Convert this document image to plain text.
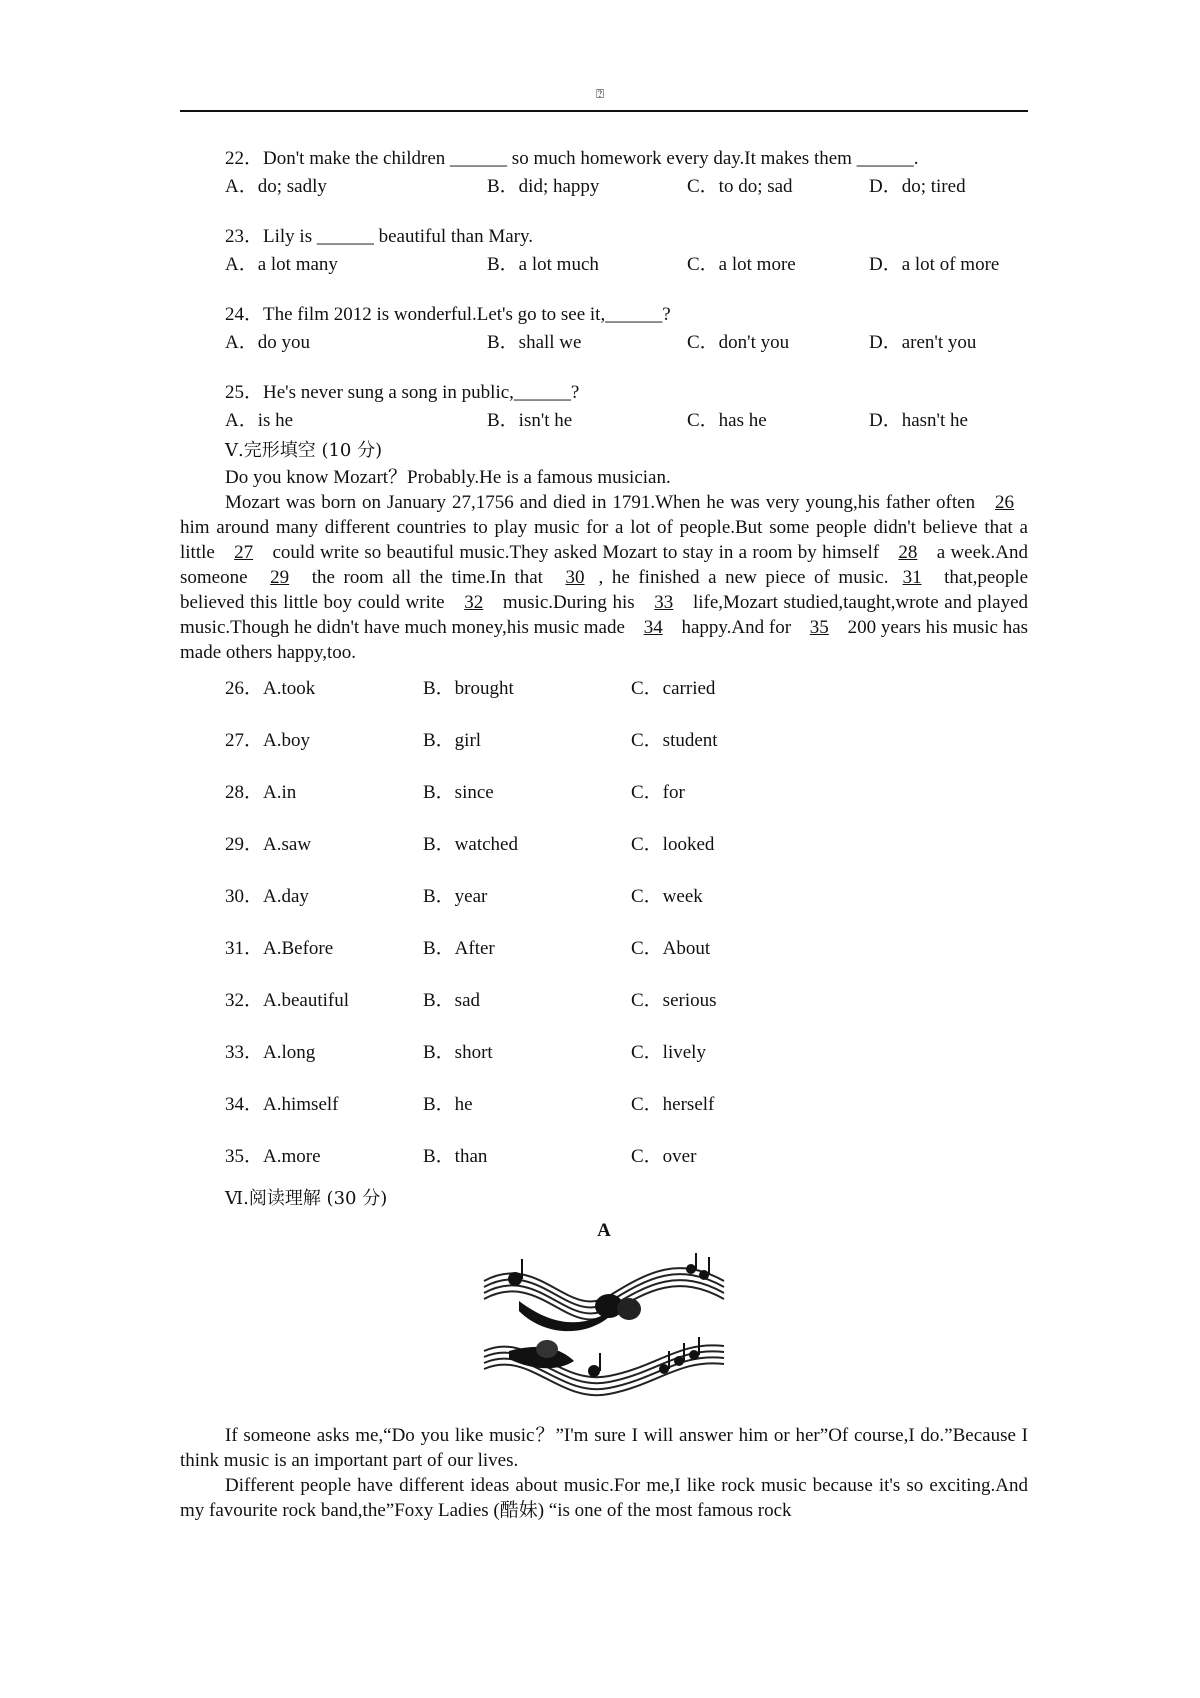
⍰
22．Don't make the children ______ so much homework every day.It makes them ______.
A．do; sadly	B．did; happy	C．to do; sad	D．do; tired
23．Lily is ______ beautiful than Mary.
A．a lot many	B．a lot much	C．a lot more	D．a lot of more
24．The film 2012 is wonderful.Let's go to see it,______?
A．do you	B．shall we	C．don't you	D．aren't you
25．He's never sung a song in public,______?
A．is he	B．isn't he	C．has he	D．hasn't he
Ⅴ.完形填空 (10 分)
Do you know Mozart？Probably.He is a famous musician.
Mozart was born on January 27,1756 and died in 1791.When he was very young,his father often 26 him around many different countries to play music for a lot of people.But some people didn't believe that a little 27 could write so beautiful music.They asked Mozart to stay in a room by himself 28 a week.And someone 29 the room all the time.In that 30 , he finished a new piece of music. 31 that,people believed this little boy could write 32 music.During his 33 life,Mozart studied,taught,wrote and played music.Though he didn't have much money,his music made 34 happy.And for 35 200 years his music has made others happy,too.
26．A.took	B．brought	C．carried
27．A.boy	B．girl	C．student
28．A.in	B．since	C．for
29．A.saw	B．watched	C．looked
30．A.day	B．year	C．week
31．A.Before	B．After	C．About
32．A.beautiful	B．sad	C．serious
33．A.long	B．short	C．lively
34．A.himself	B．he	C．herself
35．A.more	B．than	C．over
Ⅵ.阅读理解 (30 分)
A
If someone asks me,“Do you like music？”I'm sure I will answer him or her”Of course,I do.”Because I think music is an important part of our lives.
Different people have different ideas about music.For me,I like rock music because it's so exciting.And my favourite rock band,the”Foxy Ladies (酷妹) “is one of the most famous rock
